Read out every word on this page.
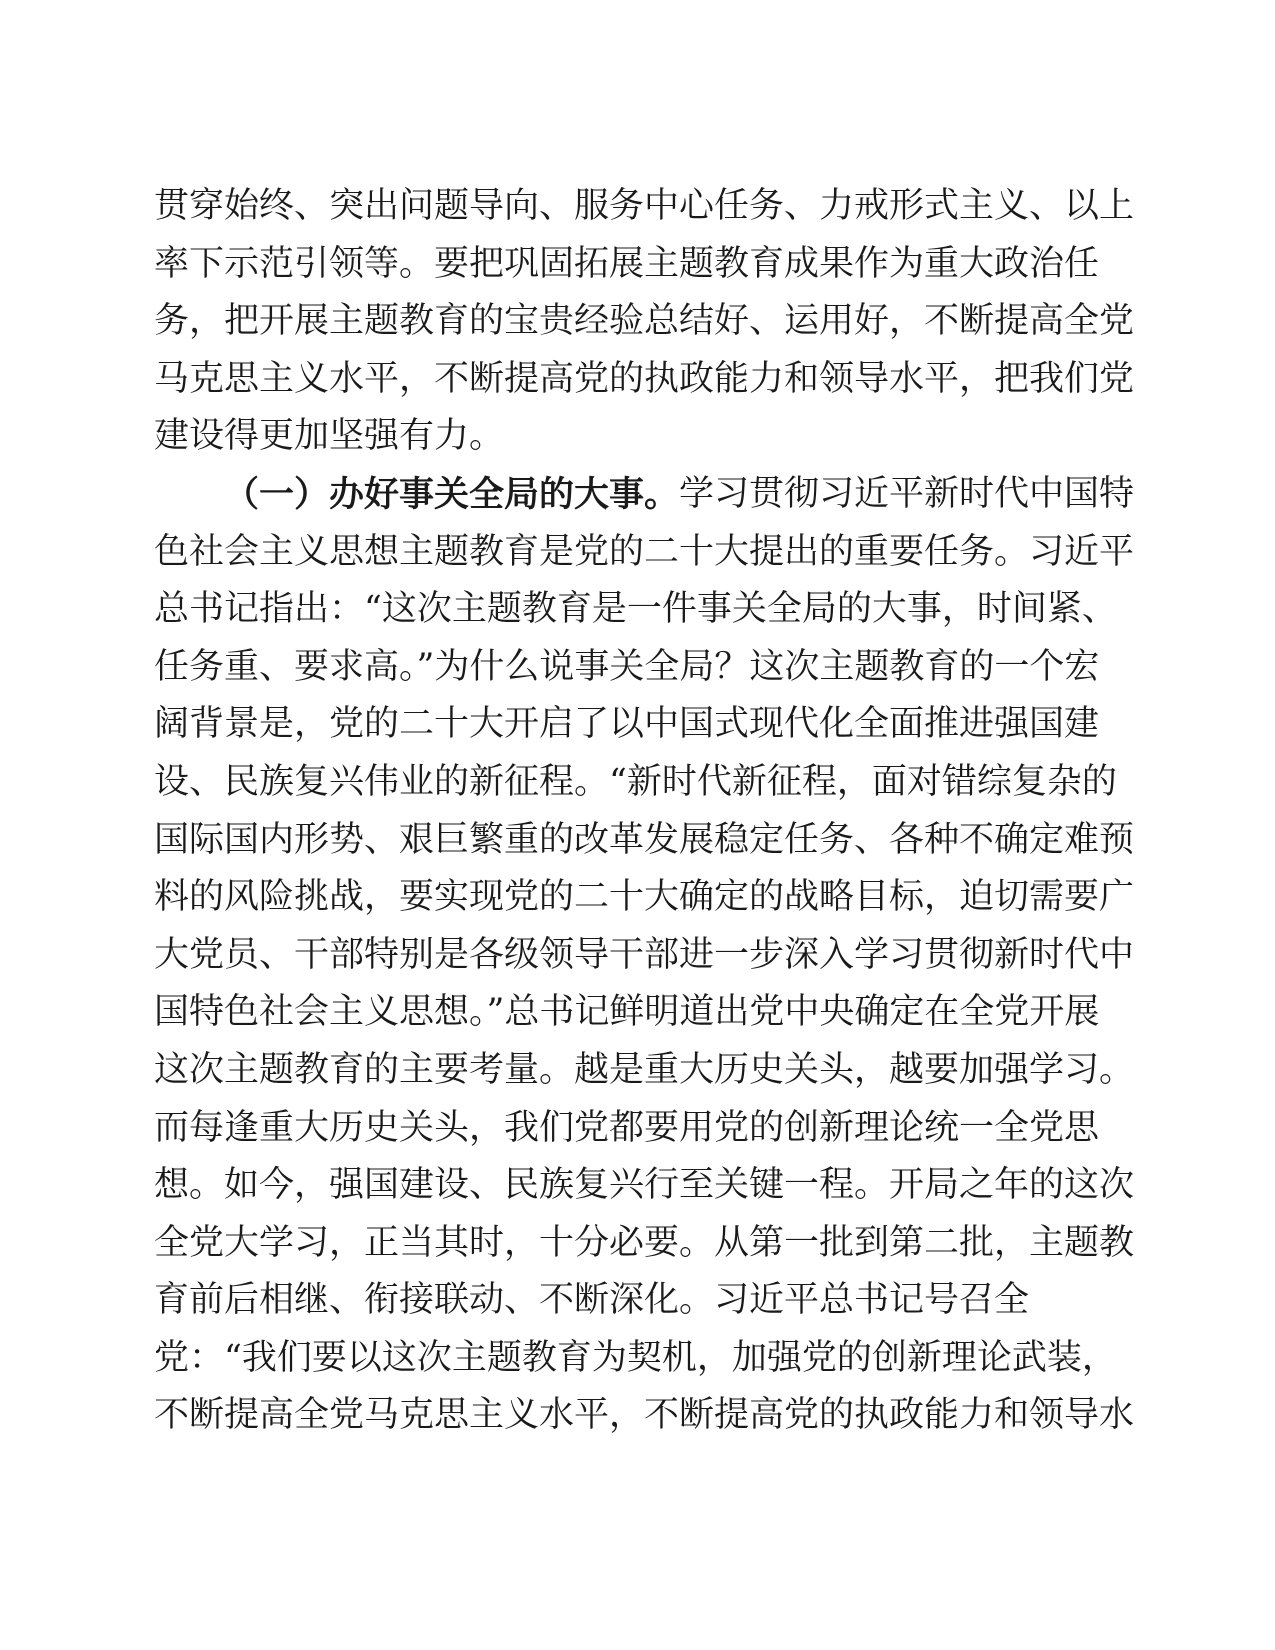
贯穿始终、突出问题导向、服务中心任务、力戒形式主义、以上
率下示范引领等。要把巩固拓展主题教育成果作为重大政治任
务，把开展主题教育的宝贵经验总结好、运用好，不断提高全党
马克思主义水平，不断提高党的执政能力和领导水平，把我们党
建设得更加坚强有力。
（一）办好事关全局的大事。 学习贯彻习近平新时代中国特
色社会主义思想主题教育是党的二十大提出的重要任务。习近平
总书记指出：“这次主题教育是一件事关全局的大事，时间紧、
任务重、要求高。”为什么说事关全局？这次主题教育的一个宏
阔背景是，党的二十大开启了以中国式现代化全面推进强国建
设、民族复兴伟业的新征程。“新时代新征程，面对错综复杂的
国际国内形势、艰巨繁重的改革发展稳定任务、各种不确定难预
料的风险挑战，要实现党的二十大确定的战略目标，迫切需要广
大党员、干部特别是各级领导干部进一步深入学习贯彻新时代中
国特色社会主义思想。”总书记鲜明道出党中央确定在全党开展
这次主题教育的主要考量。越是重大历史关头，越要加强学习。
而每逢重大历史关头，我们党都要用党的创新理论统一全党思
想。如今，强国建设、民族复兴行至关键一程。开局之年的这次
全党大学习，正当其时，十分必要。从第一批到第二批，主题教
育前后相继、衔接联动、不断深化。习近平总书记号召全
党：“我们要以这次主题教育为契机，加强党的创新理论武装，
不断提高全党马克思主义水平，不断提高党的执政能力和领导水
